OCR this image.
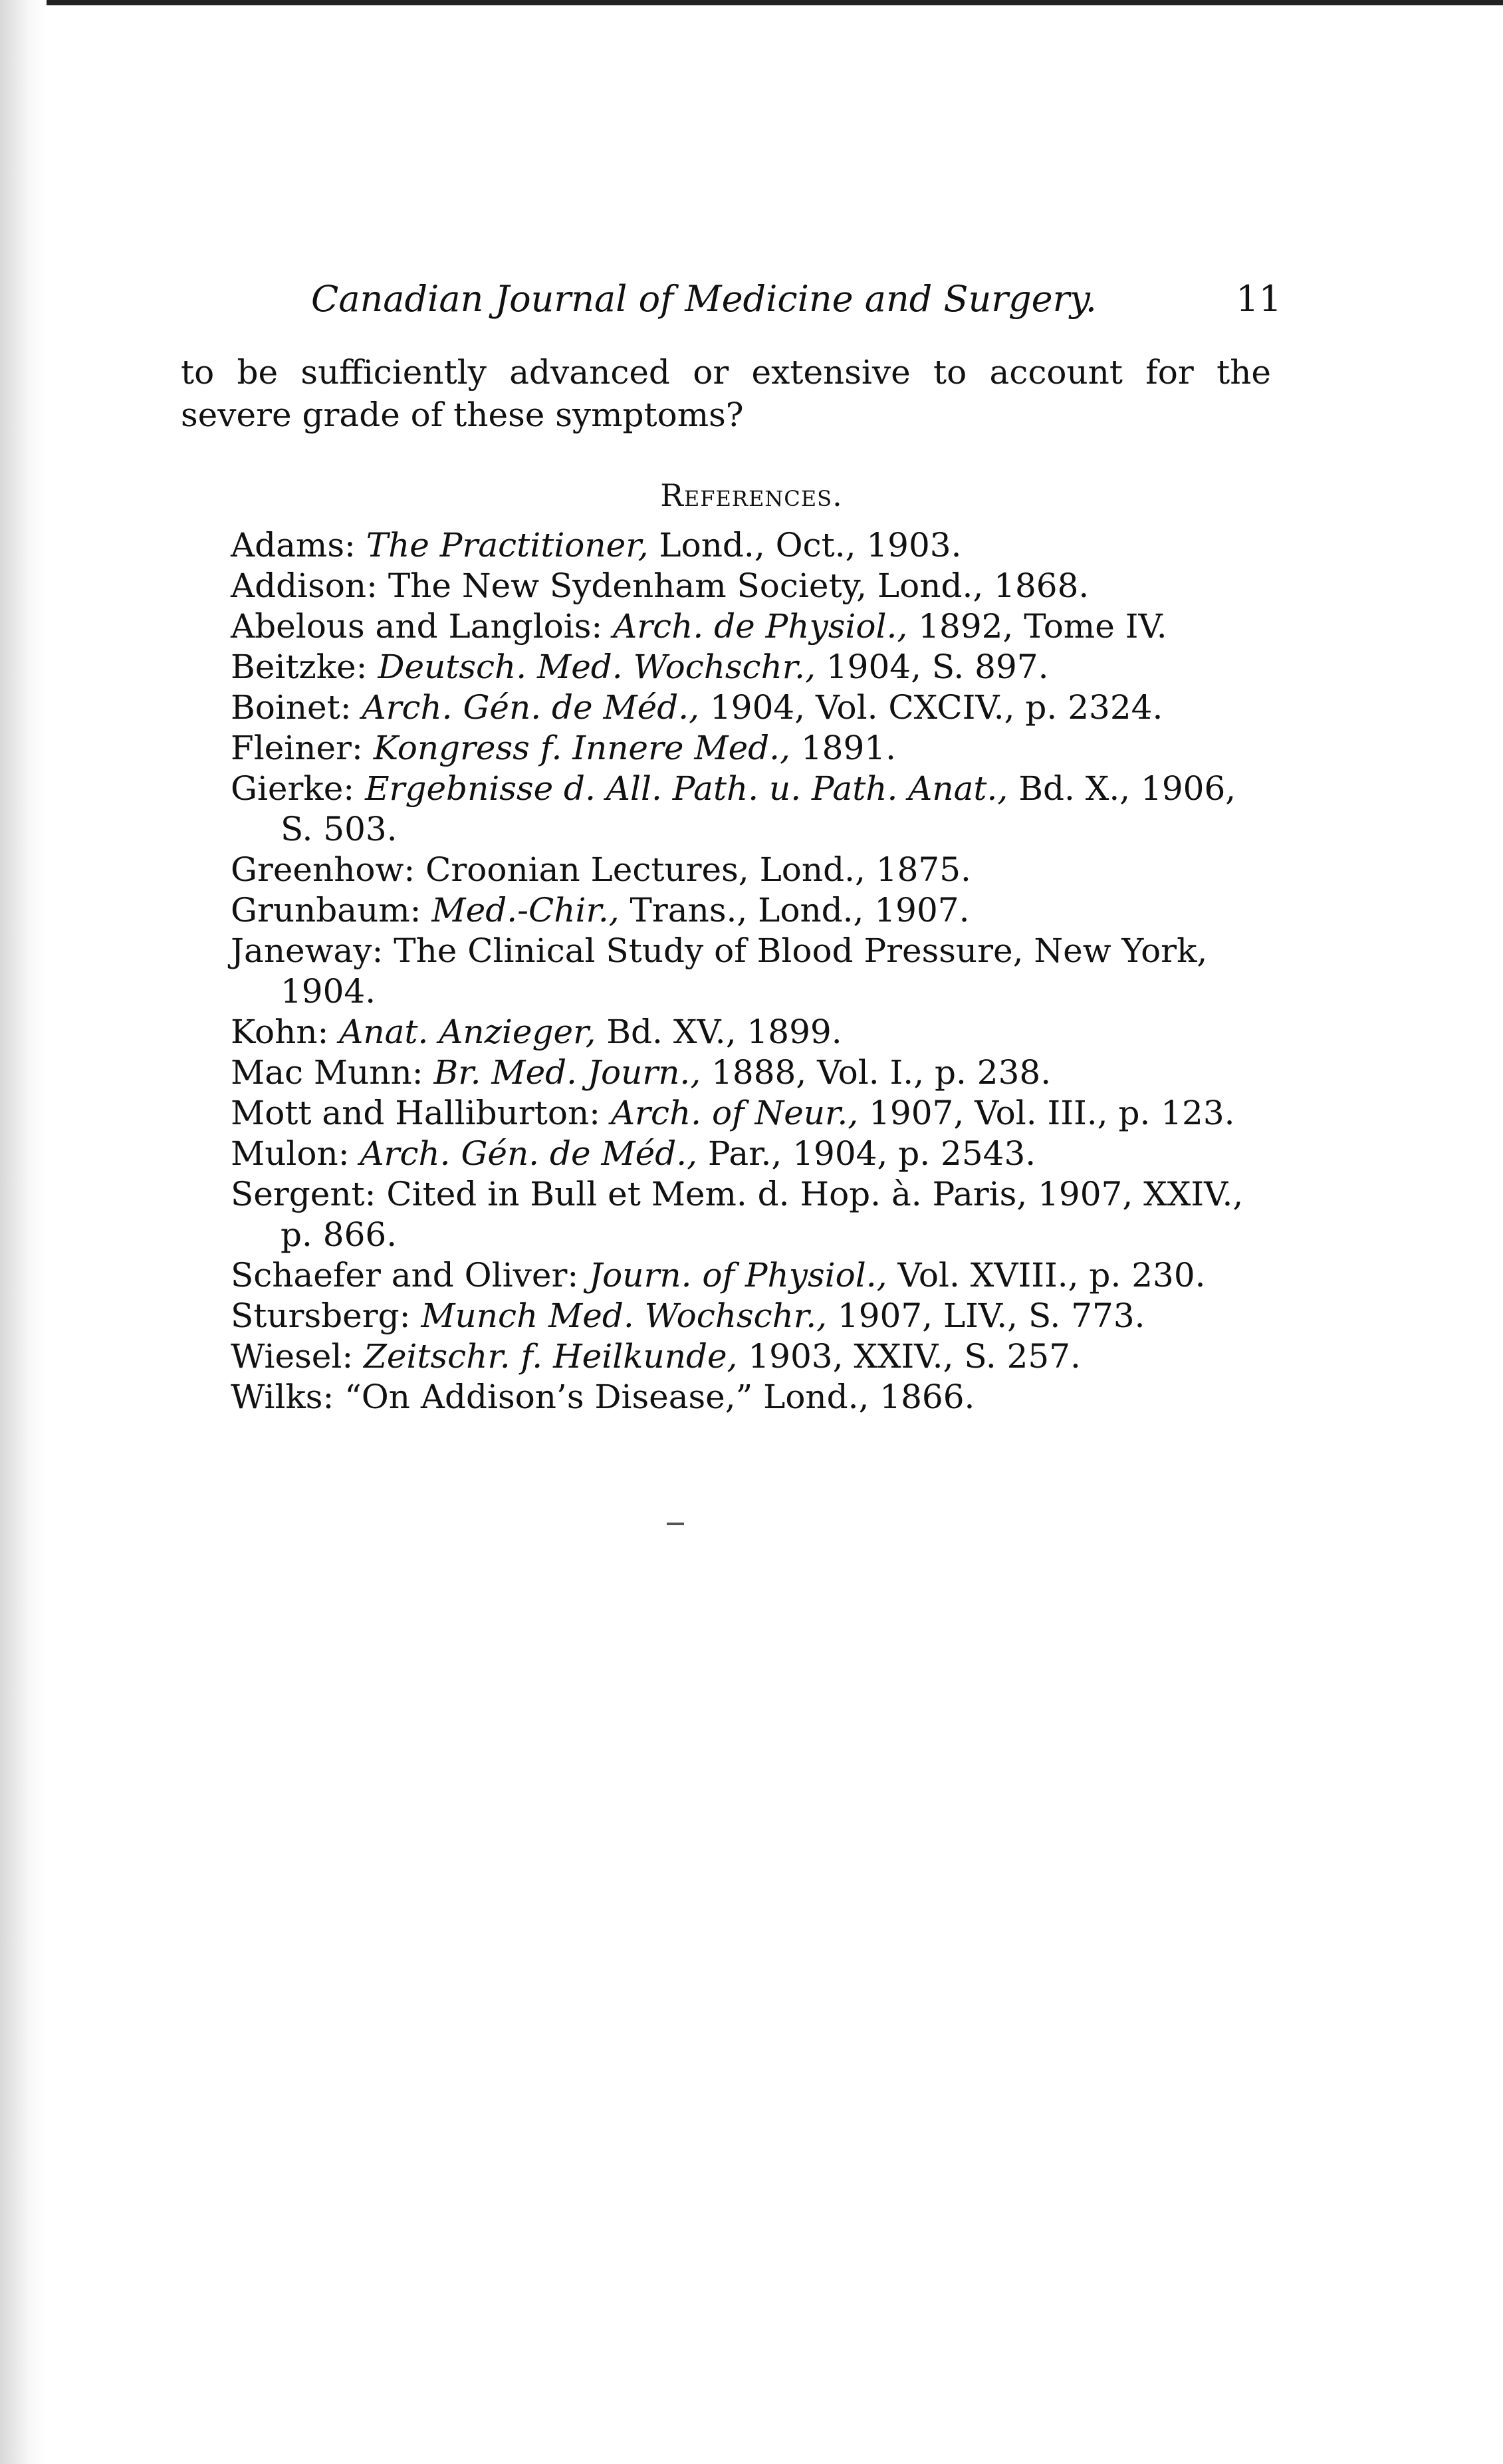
Canadian Journal of Medicine and Surgery.	11

to be sufficiently advanced or extensive to account for the severe grade of these symptoms?

References.
Adams: The Practitioner, Lond., Oct., 1903.
Addison: The New Sydenham Society, Lond., 1868.
Abelous and Langlois: Arch. de Physiol., 1892, Tome IV.
Beitzke: Deutsch. Med. Wochschr., 1904, S. 897.
Boinet: Arch. Gén. de Méd., 1904, Vol. CXCIV., p. 2324.
Fleiner: Kongress f. Innere Med., 1891.
Gierke: Ergebnisse d. All. Path. u. Path. Anat., Bd. X., 1906, S. 503.
Greenhow: Croonian Lectures, Lond., 1875.
Grunbaum: Med.-Chir., Trans., Lond., 1907.
Janeway: The Clinical Study of Blood Pressure, New York, 1904.
Kohn: Anat. Anzieger, Bd. XV., 1899.
Mac Munn: Br. Med. Journ., 1888, Vol. I., p. 238.
Mott and Halliburton: Arch. of Neur., 1907, Vol. III., p. 123.
Mulon: Arch. Gén. de Méd., Par., 1904, p. 2543.
Sergent: Cited in Bull et Mem. d. Hop. à. Paris, 1907, XXIV., p. 866.
Schaefer and Oliver: Journ. of Physiol., Vol. XVIII., p. 230.
Stursberg: Munch Med. Wochschr., 1907, LIV., S. 773.
Wiesel: Zeitschr. f. Heilkunde, 1903, XXIV., S. 257.
Wilks: “On Addison’s Disease,” Lond., 1866.
